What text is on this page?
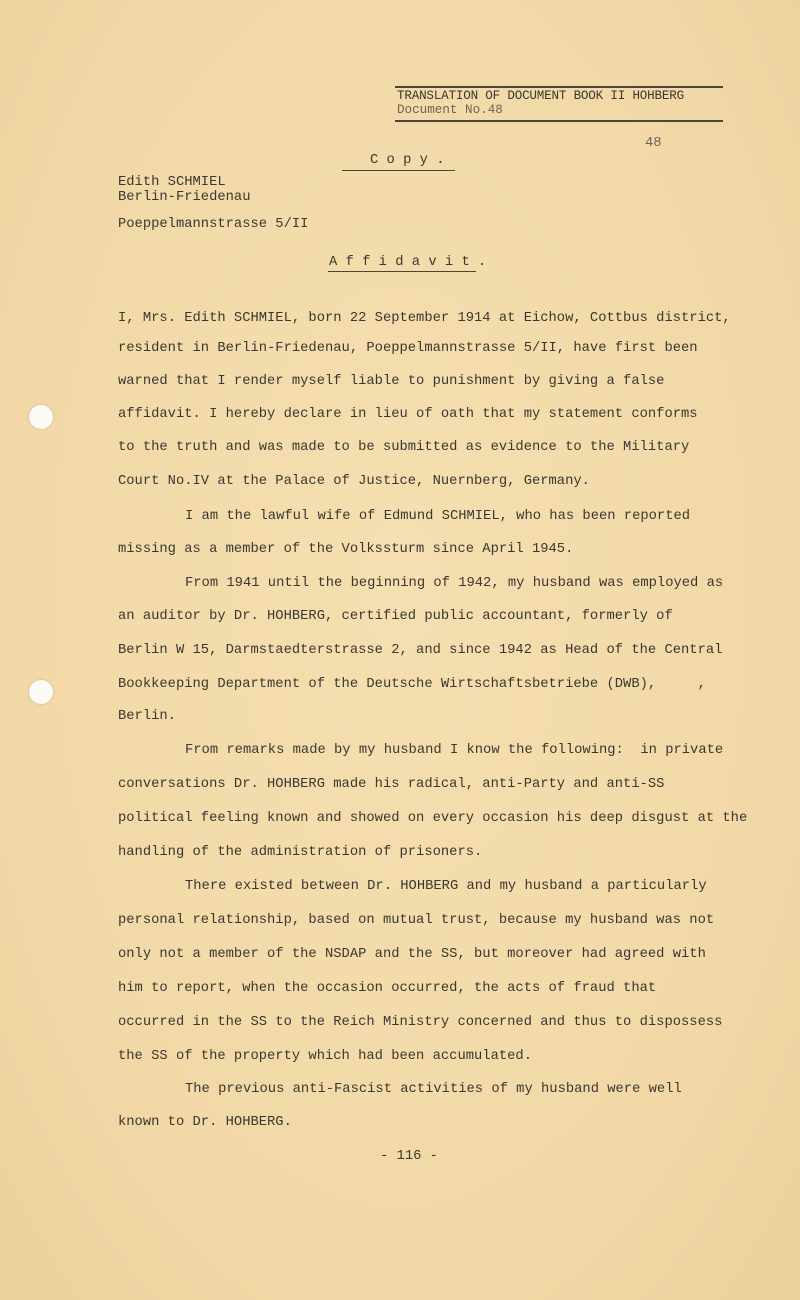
TRANSLATION OF DOCUMENT BOOK II HOHBERG
Document No.48
48
C o p y .
Edith SCHMIEL
Berlin-Friedenau
Poeppelmannstrasse 5/II
A f f i d a v i t .
I, Mrs. Edith SCHMIEL, born 22 September 1914 at Eichow, Cottbus district,
resident in Berlin-Friedenau, Poeppelmannstrasse 5/II, have first been
warned that I render myself liable to punishment by giving a false
affidavit. I hereby declare in lieu of oath that my statement conforms
to the truth and was made to be submitted as evidence to the Military
Court No.IV at the Palace of Justice, Nuernberg, Germany.
I am the lawful wife of Edmund SCHMIEL, who has been reported
missing as a member of the Volkssturm since April 1945.
From 1941 until the beginning of 1942, my husband was employed as
an auditor by Dr. HOHBERG, certified public accountant, formerly of
Berlin W 15, Darmstaedterstrasse 2, and since 1942 as Head of the Central
Bookkeeping Department of the Deutsche Wirtschaftsbetriebe (DWB),     ,
Berlin.
From remarks made by my husband I know the following:  in private
conversations Dr. HOHBERG made his radical, anti-Party and anti-SS
political feeling known and showed on every occasion his deep disgust at the
handling of the administration of prisoners.
There existed between Dr. HOHBERG and my husband a particularly
personal relationship, based on mutual trust, because my husband was not
only not a member of the NSDAP and the SS, but moreover had agreed with
him to report, when the occasion occurred, the acts of fraud that
occurred in the SS to the Reich Ministry concerned and thus to dispossess
the SS of the property which had been accumulated.
The previous anti-Fascist activities of my husband were well
known to Dr. HOHBERG.
- 116 -
